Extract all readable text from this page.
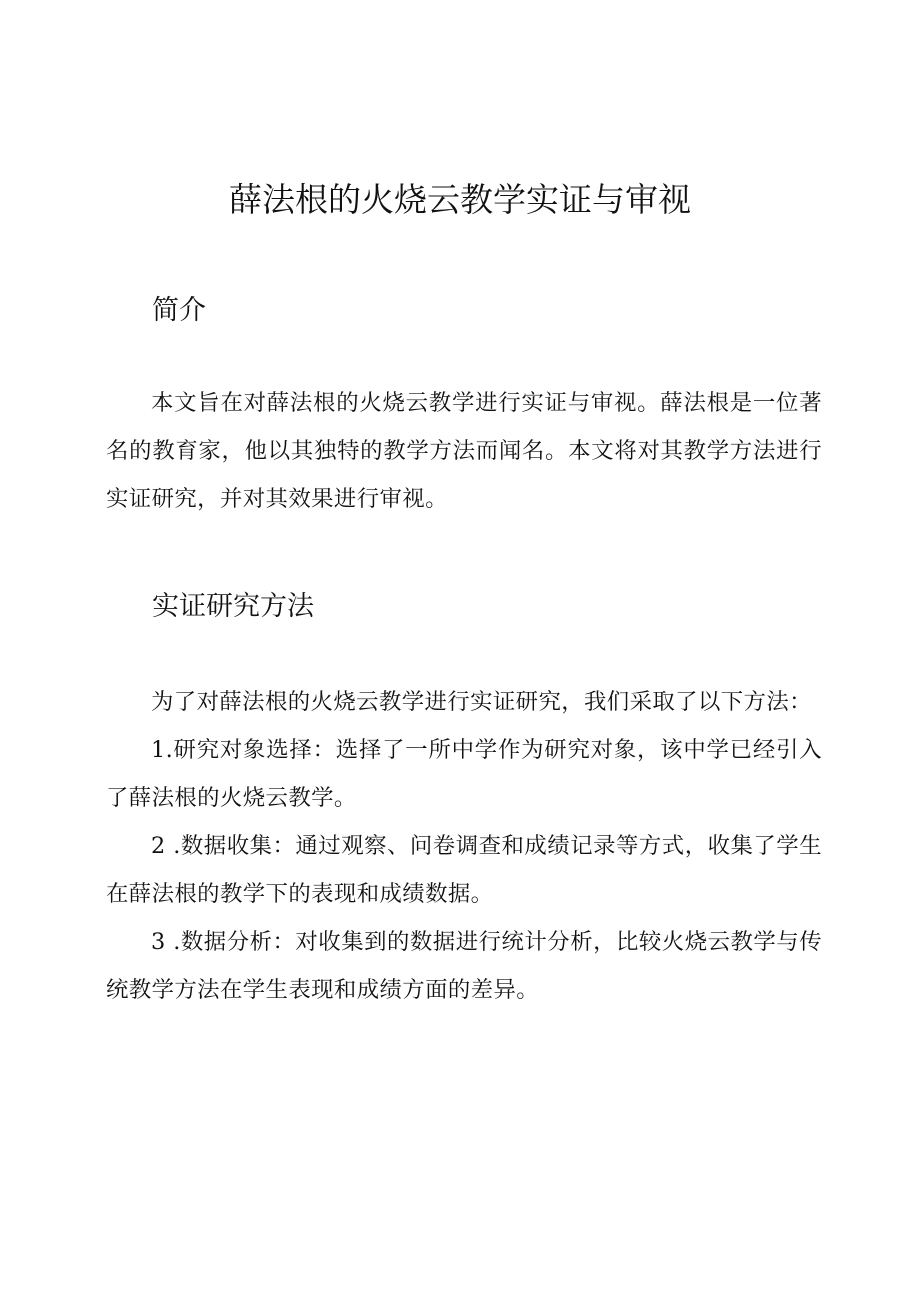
薛法根的火烧云教学实证与审视
简介

本文旨在对薛法根的火烧云教学进行实证与审视。薛法根是一位著名的教育家，他以其独特的教学方法而闻名。本文将对其教学方法进行实证研究，并对其效果进行审视。

实证研究方法

为了对薛法根的火烧云教学进行实证研究，我们采取了以下方法：

1.研究对象选择：选择了一所中学作为研究对象，该中学已经引入了薛法根的火烧云教学。

2 .数据收集：通过观察、问卷调查和成绩记录等方式，收集了学生在薛法根的教学下的表现和成绩数据。

3 .数据分析：对收集到的数据进行统计分析，比较火烧云教学与传统教学方法在学生表现和成绩方面的差异。
